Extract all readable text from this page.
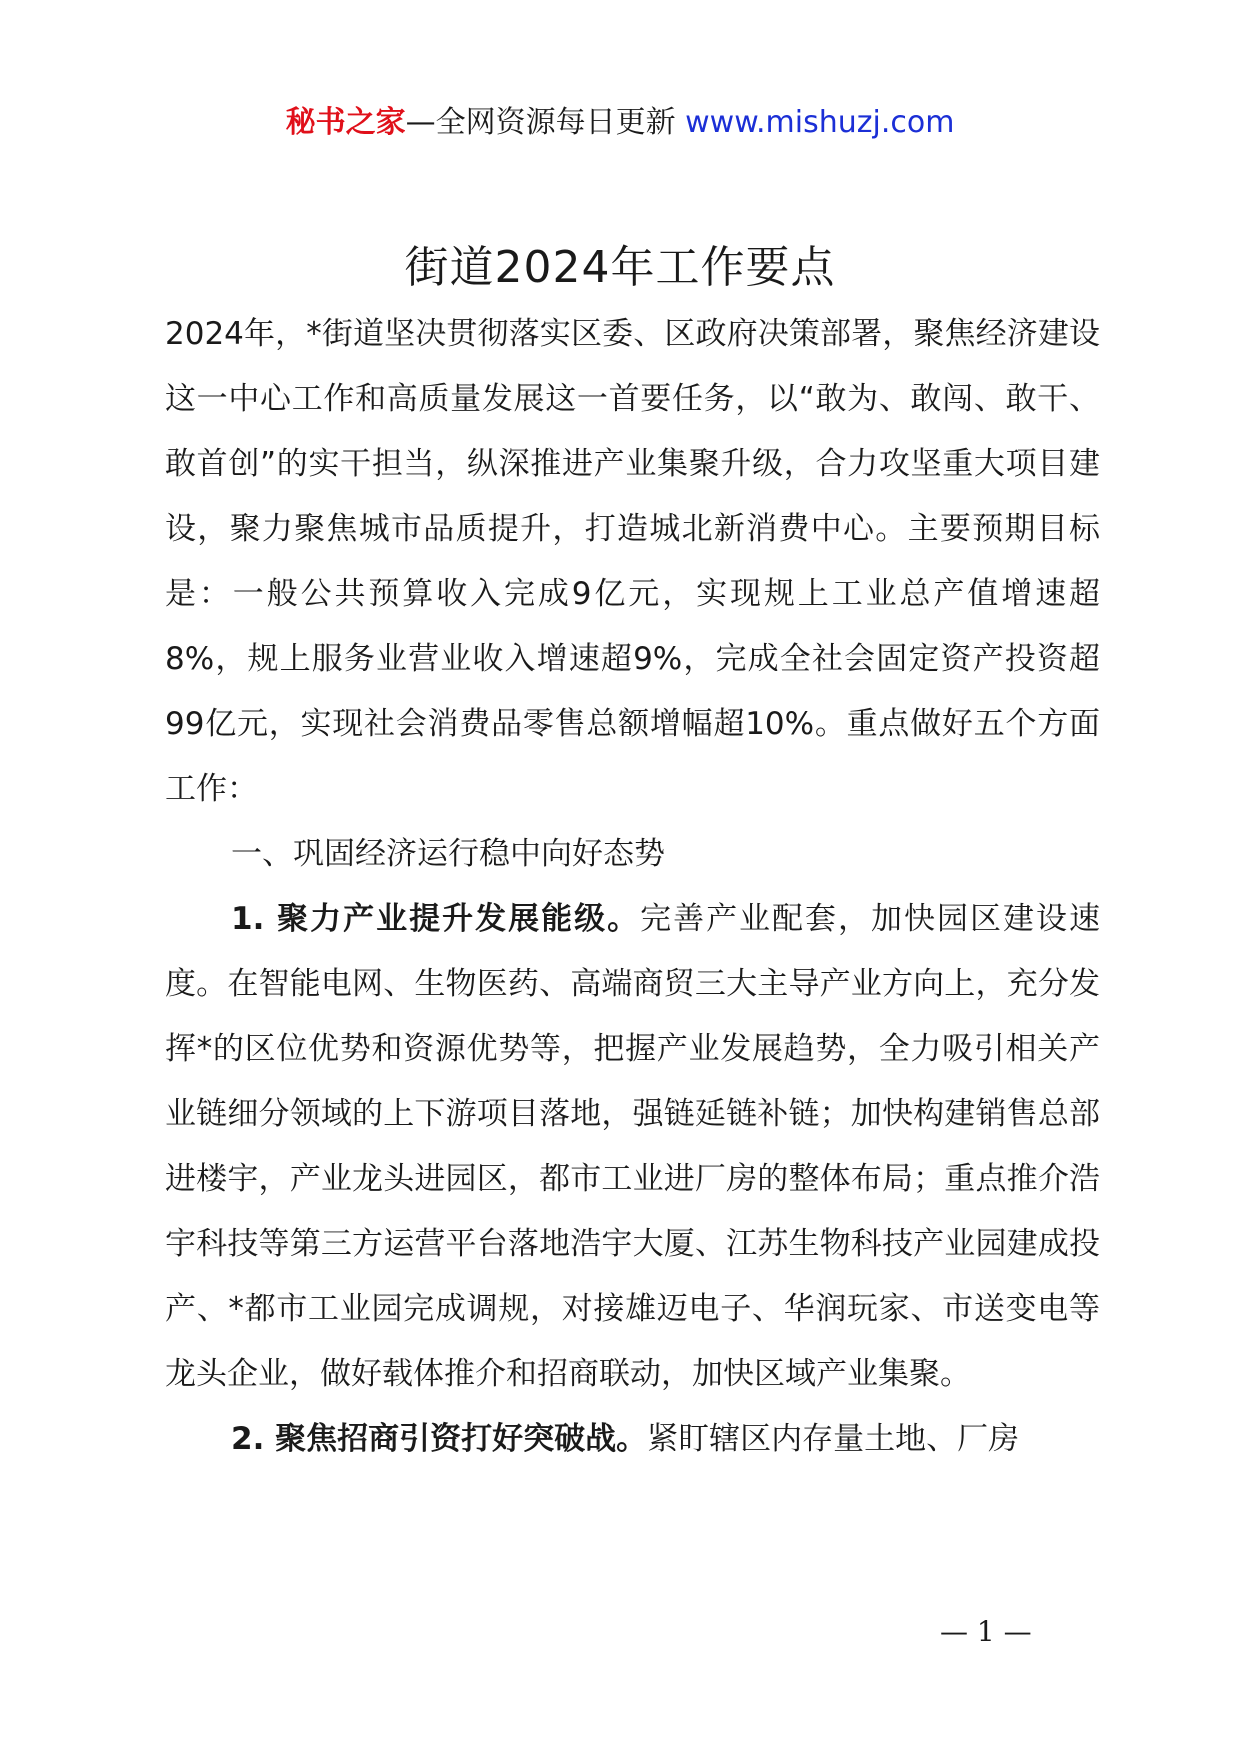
秘书之家—全网资源每日更新 www.mishuzj.com
街道2024年工作要点

2024年，*街道坚决贯彻落实区委、区政府决策部署，聚焦经济建设这一中心工作和高质量发展这一首要任务，以“敢为、敢闯、敢干、敢首创”的实干担当，纵深推进产业集聚升级，合力攻坚重大项目建设，聚力聚焦城市品质提升，打造城北新消费中心。主要预期目标是：一般公共预算收入完成9亿元，实现规上工业总产值增速超8%，规上服务业营业收入增速超9%，完成全社会固定资产投资超99亿元，实现社会消费品零售总额增幅超10%。重点做好五个方面工作：

一、巩固经济运行稳中向好态势

1. 聚力产业提升发展能级。完善产业配套，加快园区建设速度。在智能电网、生物医药、高端商贸三大主导产业方向上，充分发挥*的区位优势和资源优势等，把握产业发展趋势，全力吸引相关产业链细分领域的上下游项目落地，强链延链补链；加快构建销售总部进楼宇，产业龙头进园区，都市工业进厂房的整体布局；重点推介浩宇科技等第三方运营平台落地浩宇大厦、江苏生物科技产业园建成投产、*都市工业园完成调规，对接雄迈电子、华润玩家、市送变电等龙头企业，做好载体推介和招商联动，加快区域产业集聚。

2. 聚焦招商引资打好突破战。紧盯辖区内存量土地、厂房

— 1 —
